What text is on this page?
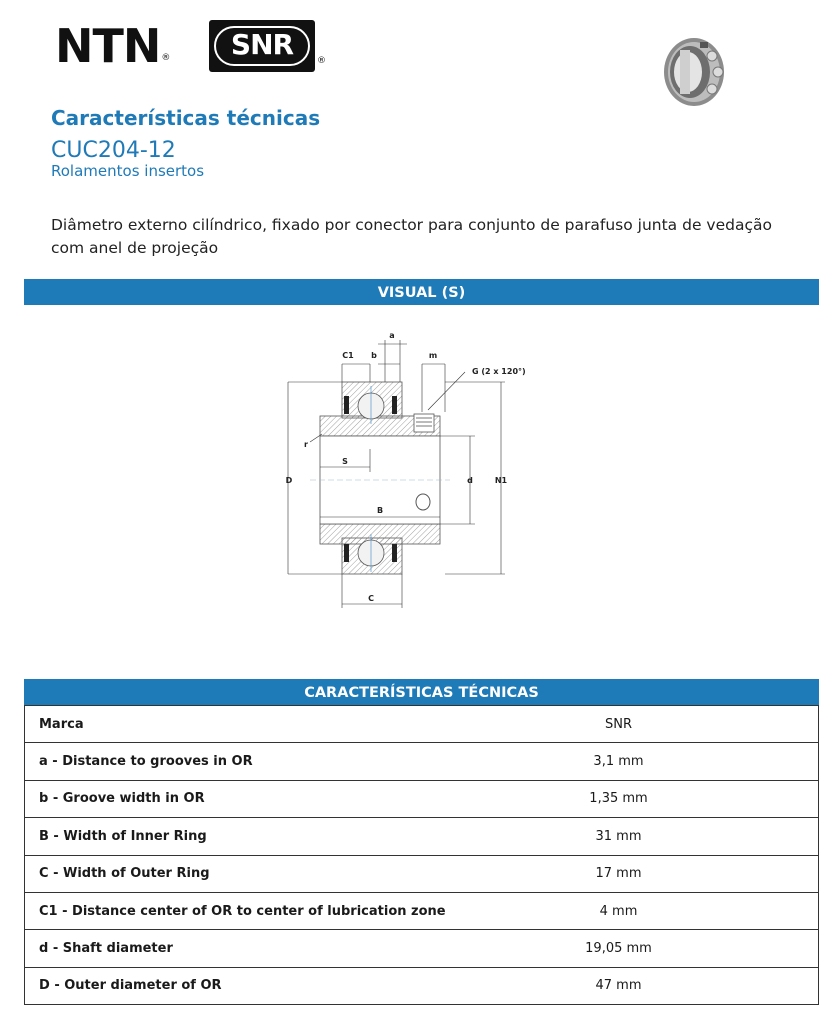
NTN®	SNR	®
Características técnicas
CUC204-12
Rolamentos insertos
Diâmetro externo cilíndrico, fixado por conector para conjunto de parafuso junta de vedação com anel de projeção
VISUAL (S)
a
C1 b	m
G (2 x 120°)
r
S
D	d	N1
B
C
CARACTERÍSTICAS TÉCNICAS
Marca	SNR
a - Distance to grooves in OR	3,1 mm
b - Groove width in OR	1,35 mm
B - Width of Inner Ring	31 mm
C - Width of Outer Ring	17 mm
C1 - Distance center of OR to center of lubrication zone	4 mm
d - Shaft diameter	19,05 mm
D - Outer diameter of OR	47 mm
